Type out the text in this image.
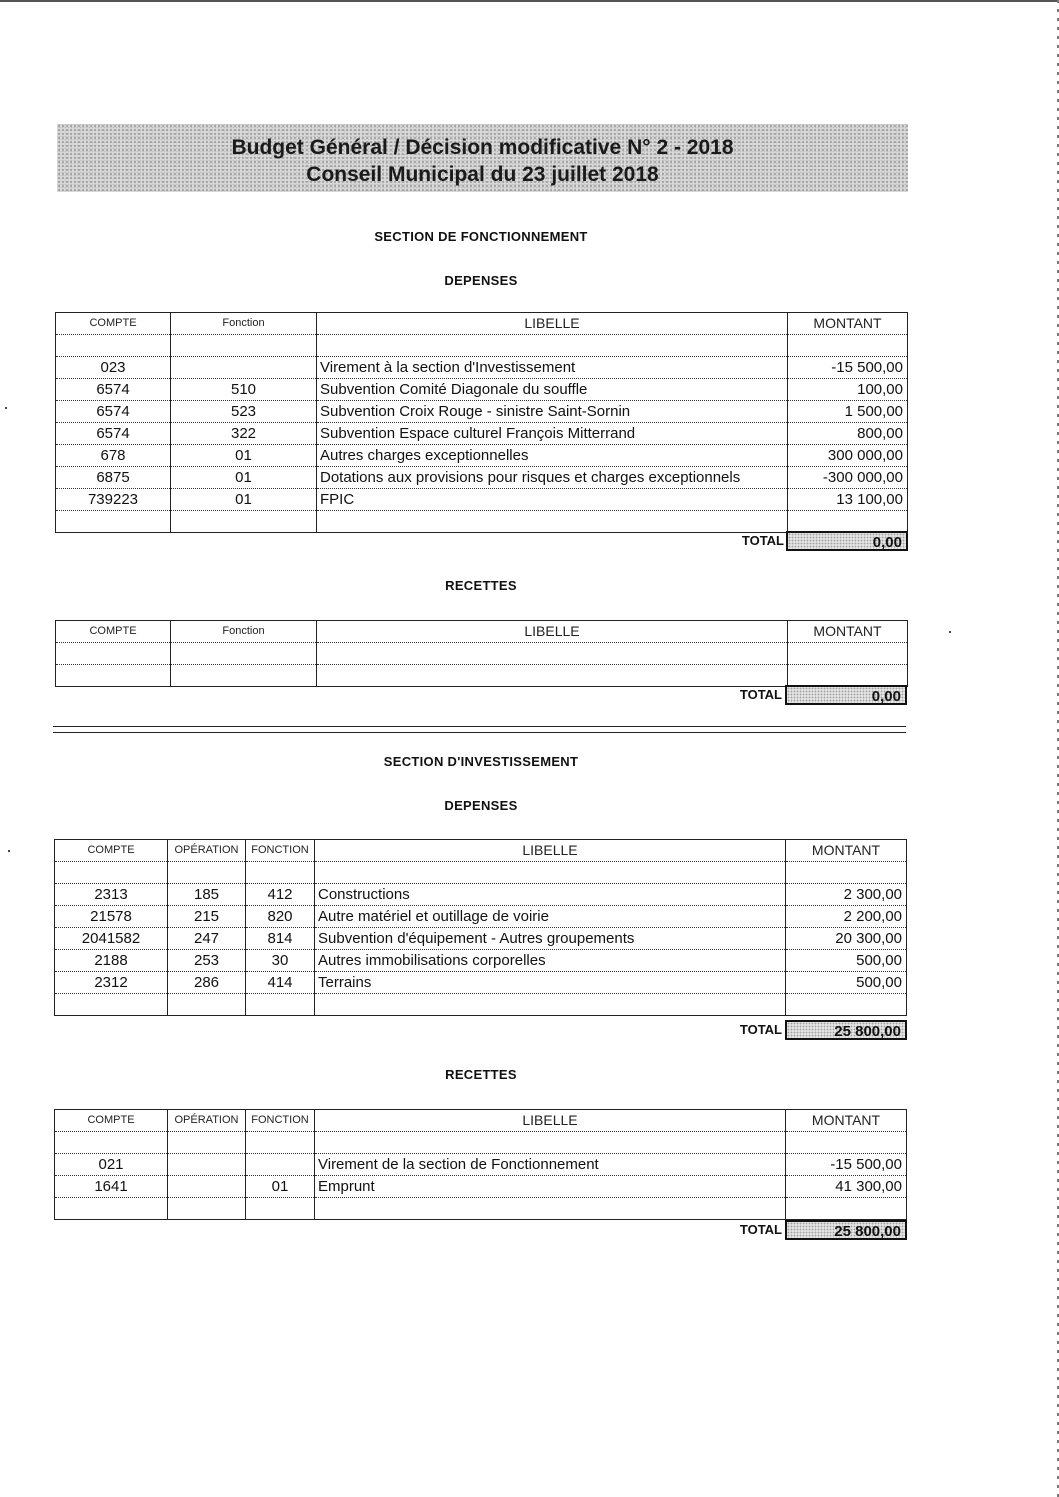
Budget Général / Décision modificative N° 2 - 2018
Conseil Municipal du 23 juillet 2018
SECTION DE FONCTIONNEMENT
DEPENSES
COMPTE	Fonction	LIBELLE	MONTANT

023		Virement à la section d'Investissement	-15 500,00
6574	510	Subvention Comité Diagonale du souffle	100,00
6574	523	Subvention Croix Rouge - sinistre Saint-Sornin	1 500,00
6574	322	Subvention Espace culturel François Mitterrand	800,00
678	01	Autres charges exceptionnelles	300 000,00
6875	01	Dotations aux provisions pour risques et charges exceptionnels	-300 000,00
739223	01	FPIC	13 100,00

TOTAL	0,00
RECETTES
COMPTE	Fonction	LIBELLE	MONTANT

TOTAL	0,00
SECTION D'INVESTISSEMENT
DEPENSES
COMPTE	OPÉRATION	FONCTION	LIBELLE	MONTANT

2313	185	412	Constructions	2 300,00
21578	215	820	Autre matériel et outillage de voirie	2 200,00
2041582	247	814	Subvention d'équipement - Autres groupements	20 300,00
2188	253	30	Autres immobilisations corporelles	500,00
2312	286	414	Terrains	500,00

TOTAL	25 800,00
RECETTES
COMPTE	OPÉRATION	FONCTION	LIBELLE	MONTANT

021			Virement de la section de Fonctionnement	-15 500,00
1641		01	Emprunt	41 300,00

TOTAL	25 800,00
